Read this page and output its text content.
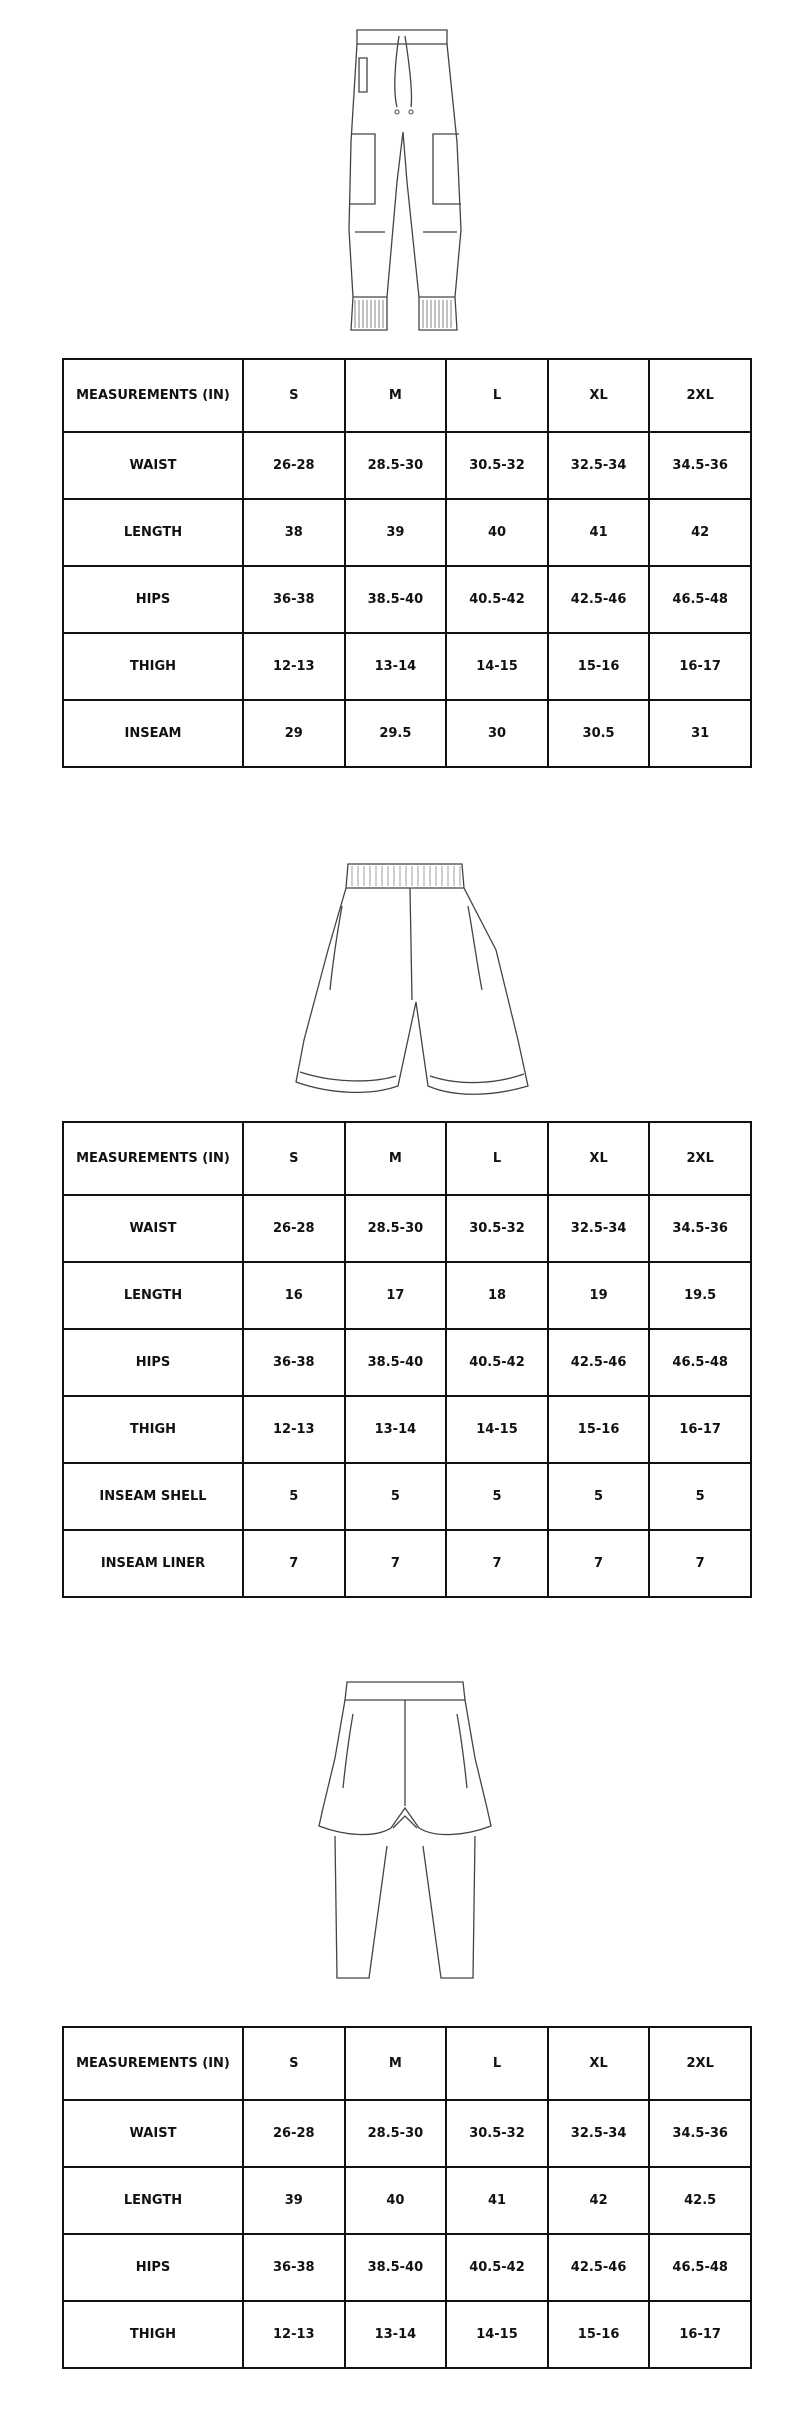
MEASUREMENTS (IN)	S	M	L	XL	2XL
WAIST	26-28	28.5-30	30.5-32	32.5-34	34.5-36
LENGTH	38	39	40	41	42
HIPS	36-38	38.5-40	40.5-42	42.5-46	46.5-48
THIGH	12-13	13-14	14-15	15-16	16-17
INSEAM	29	29.5	30	30.5	31
MEASUREMENTS (IN)	S	M	L	XL	2XL
WAIST	26-28	28.5-30	30.5-32	32.5-34	34.5-36
LENGTH	16	17	18	19	19.5
HIPS	36-38	38.5-40	40.5-42	42.5-46	46.5-48
THIGH	12-13	13-14	14-15	15-16	16-17
INSEAM SHELL	5	5	5	5	5
INSEAM LINER	7	7	7	7	7
MEASUREMENTS (IN)	S	M	L	XL	2XL
WAIST	26-28	28.5-30	30.5-32	32.5-34	34.5-36
LENGTH	39	40	41	42	42.5
HIPS	36-38	38.5-40	40.5-42	42.5-46	46.5-48
THIGH	12-13	13-14	14-15	15-16	16-17
